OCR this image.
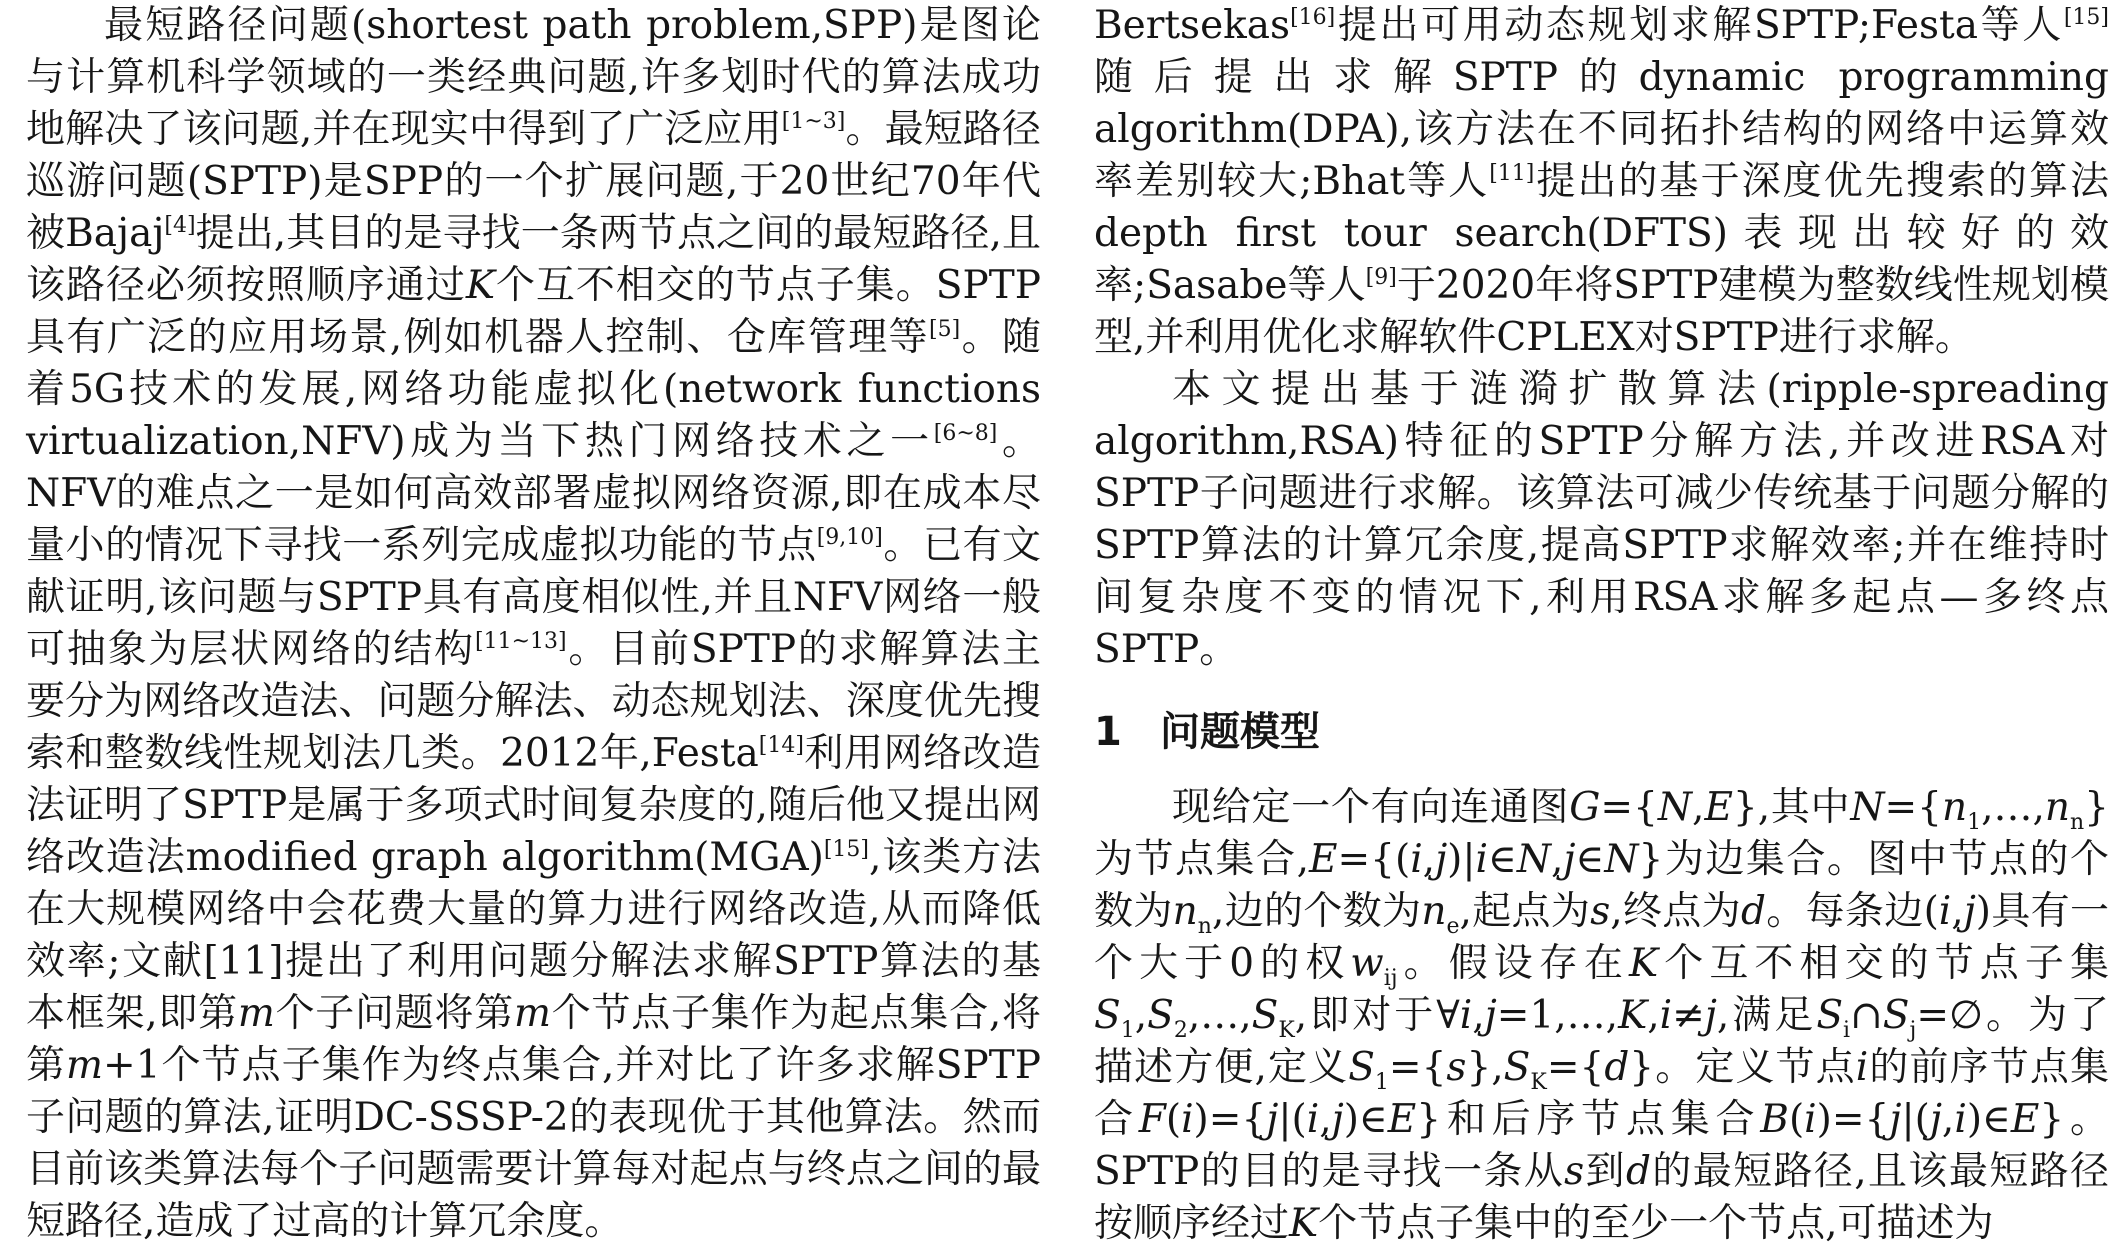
最短路径问题(shortest path problem,SPP)是图论与计算机科学领域的一类经典问题,许多划时代的算法成功地解决了该问题,并在现实中得到了广泛应用[1~3]。最短路径巡游问题(SPTP)是SPP的一个扩展问题,于20世纪70年代被Bajaj[4]提出,其目的是寻找一条两节点之间的最短路径,且该路径必须按照顺序通过K个互不相交的节点子集。SPTP具有广泛的应用场景,例如机器人控制、仓库管理等[5]。随着5G技术的发展,网络功能虚拟化(network functions virtualization,NFV)成为当下热门网络技术之一[6~8]。NFV的难点之一是如何高效部署虚拟网络资源,即在成本尽量小的情况下寻找一系列完成虚拟功能的节点[9,10]。已有文献证明,该问题与SPTP具有高度相似性,并且NFV网络一般可抽象为层状网络的结构[11~13]。目前SPTP的求解算法主要分为网络改造法、问题分解法、动态规划法、深度优先搜索和整数线性规划法几类。2012年,Festa[14]利用网络改造法证明了SPTP是属于多项式时间复杂度的,随后他又提出网络改造法modified graph algorithm(MGA)[15],该类方法在大规模网络中会花费大量的算力进行网络改造,从而降低效率;文献[11]提出了利用问题分解法求解SPTP算法的基本框架,即第m个子问题将第m个节点子集作为起点集合,将第m+1个节点子集作为终点集合,并对比了许多求解SPTP子问题的算法,证明DC-SSSP-2的表现优于其他算法。然而目前该类算法每个子问题需要计算每对起点与终点之间的最短路径,造成了过高的计算冗余度。

Bertsekas[16]提出可用动态规划求解SPTP;Festa等人[15]随后提出求解SPTP的dynamic programming algorithm(DPA),该方法在不同拓扑结构的网络中运算效率差别较大;Bhat等人[11]提出的基于深度优先搜索的算法depth first tour search(DFTS)表现出较好的效率;Sasabe等人[9]于2020年将SPTP建模为整数线性规划模型,并利用优化求解软件CPLEX对SPTP进行求解。

本文提出基于涟漪扩散算法(ripple-spreading algorithm,RSA)特征的SPTP分解方法,并改进RSA对SPTP子问题进行求解。该算法可减少传统基于问题分解的SPTP算法的计算冗余度,提高SPTP求解效率;并在维持时间复杂度不变的情况下,利用RSA求解多起点—多终点SPTP。

1 问题模型

现给定一个有向连通图G={N,E},其中$N=\{n_1,\dots,n_n\}$为节点集合,E={(i,j)|i∈N,j∈N}为边集合。图中节点的个数为$n_n$,边的个数为$n_e$,起点为s,终点为d。每条边(i,j)具有一个大于0的权$w_{ij}$。假设存在K个互不相交的节点子集$S_1,S_2,\dots,S_K$,即对于∀i,j=1,…,K,i≠j,满足$S_i\cap S_j=\emptyset$。为了描述方便,定义$S_1=\{s\},S_K=\{d\}$。定义节点i的前序节点集合F(i)={j|(i,j)∈E}和后序节点集合B(i)={j|(j,i)∈E}。SPTP的目的是寻找一条从s到d的最短路径,且该最短路径按顺序经过K个节点子集中的至少一个节点,可描述为
